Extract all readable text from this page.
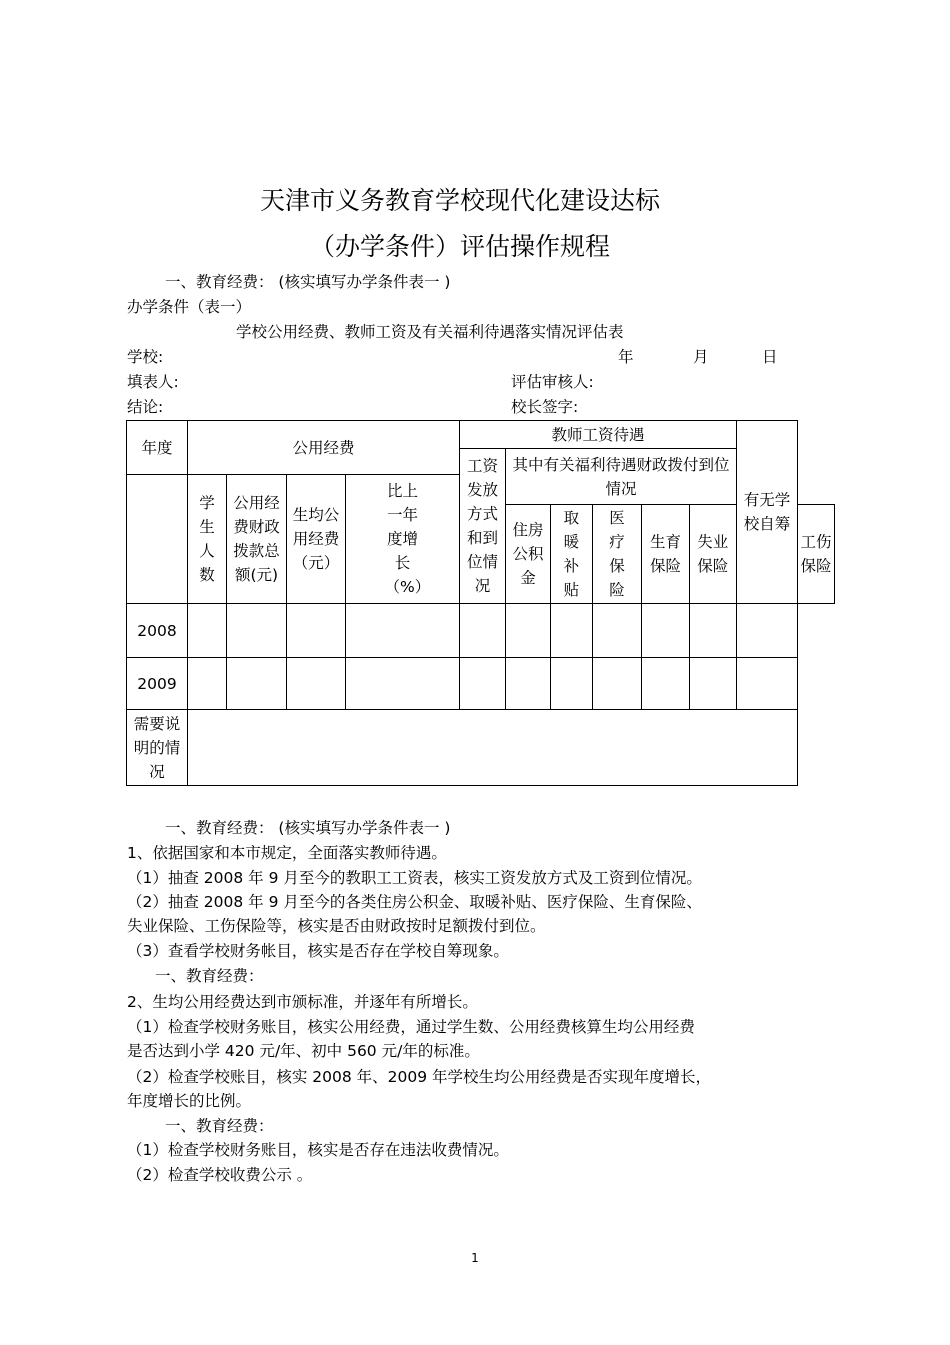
天津市义务教育学校现代化建设达标
（办学条件）评估操作规程
一、教育经费： (核实填写办学条件表一 )
办学条件（表一）
学校公用经费、教师工资及有关福利待遇落实情况评估表
学校:	年	月	日
填表人:	评估审核人:
结论:	校长签字:
年度	公用经费				教师工资待遇						有无学校自筹	
					工资发放方式和到位情况	其中有关福利待遇财政拨付到位情况						
	学生人数	公用经费财政拨款总额(元)	生均公用经费（元）	比上一年度增长（%）								
						住房公积金	取暖补贴	医疗保险	生育保险	失业保险		工伤保险
2008												
2009												
需要说明的情况												
一、教育经费： (核实填写办学条件表一 )
1、依据国家和本市规定，全面落实教师待遇。
（1）抽查 2008 年 9 月至今的教职工工资表，核实工资发放方式及工资到位情况。
（2）抽查 2008 年 9 月至今的各类住房公积金、取暖补贴、医疗保险、生育保险、
失业保险、工伤保险等，核实是否由财政按时足额拨付到位。
（3）查看学校财务帐目，核实是否存在学校自筹现象。
一、教育经费：
2、生均公用经费达到市颁标准，并逐年有所增长。
（1）检查学校财务账目，核实公用经费，通过学生数、公用经费核算生均公用经费
是否达到小学 420 元/年、初中 560 元/年的标准。
（2）检查学校账目，核实 2008 年、2009 年学校生均公用经费是否实现年度增长，
年度增长的比例。
一、教育经费：
（1）检查学校财务账目，核实是否存在违法收费情况。
（2）检查学校收费公示 。
1
